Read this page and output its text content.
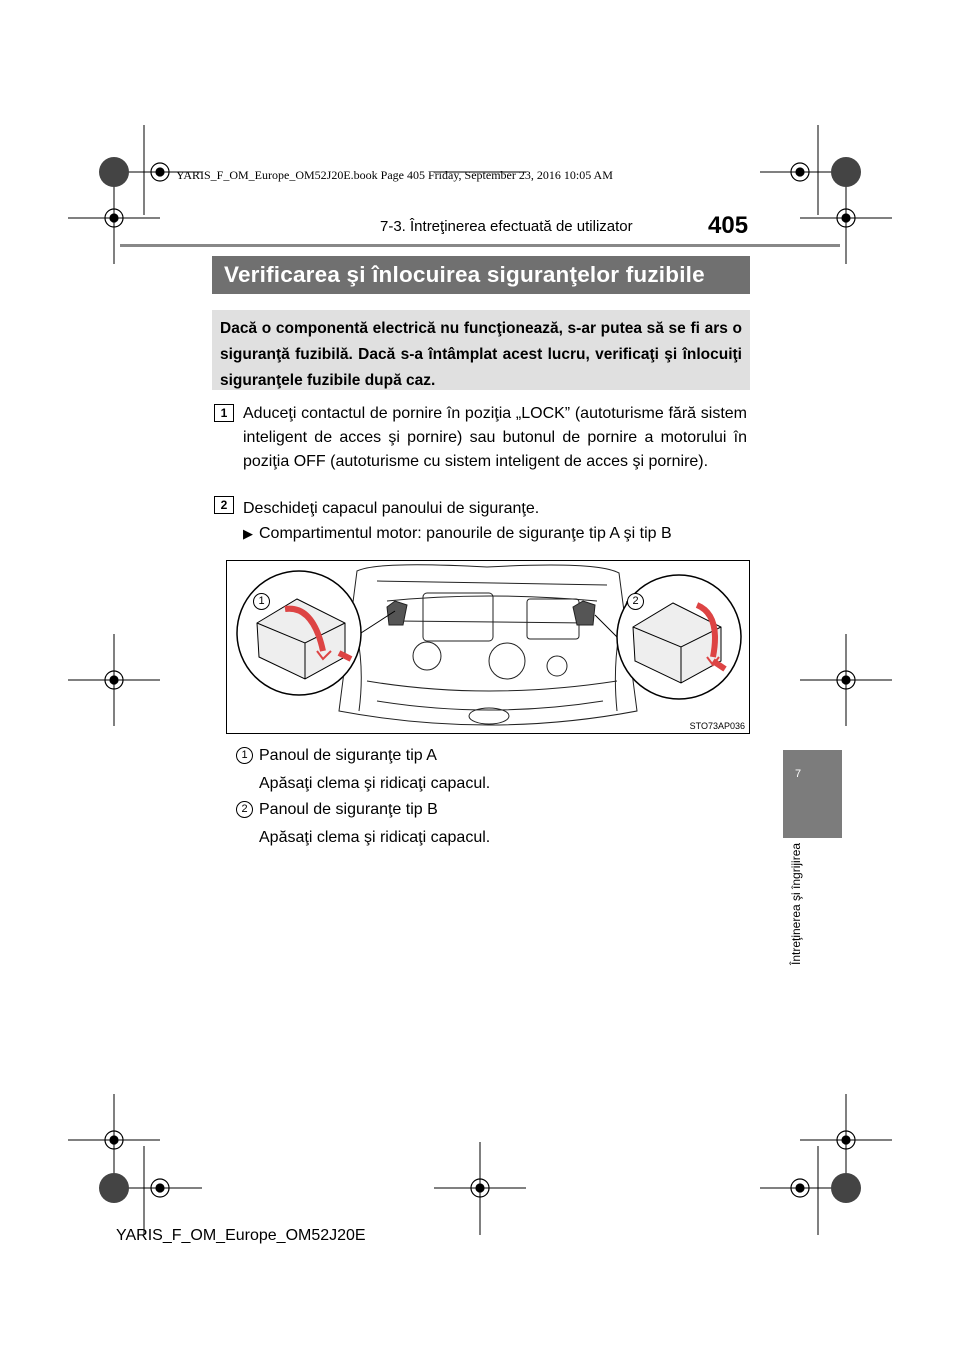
YARIS_F_OM_Europe_OM52J20E.book Page 405 Friday, September 23, 2016 10:05 AM
7-3. Întreţinerea efectuată de utilizator	405
Verificarea şi înlocuirea siguranţelor fuzibile
Dacă o componentă electrică nu funcţionează, s-ar putea să se fi ars o siguranţă fuzibilă. Dacă s-a întâmplat acest lucru, verificaţi şi înlocuiţi siguranţele fuzibile după caz.
1 Aduceţi contactul de pornire în poziţia „LOCK” (autoturisme fără sistem inteligent de acces şi pornire) sau butonul de pornire a motorului în poziţia OFF (autoturisme cu sistem inteligent de acces şi pornire).
2 Deschideţi capacul panoului de siguranţe.
▶ Compartimentul motor: panourile de siguranţe tip A şi tip B
1	2
STO73AP036
1 Panoul de siguranţe tip A
Apăsaţi clema şi ridicaţi capacul.
2 Panoul de siguranţe tip B
Apăsaţi clema şi ridicaţi capacul.
7
Întreţinerea şi îngrijirea
YARIS_F_OM_Europe_OM52J20E
